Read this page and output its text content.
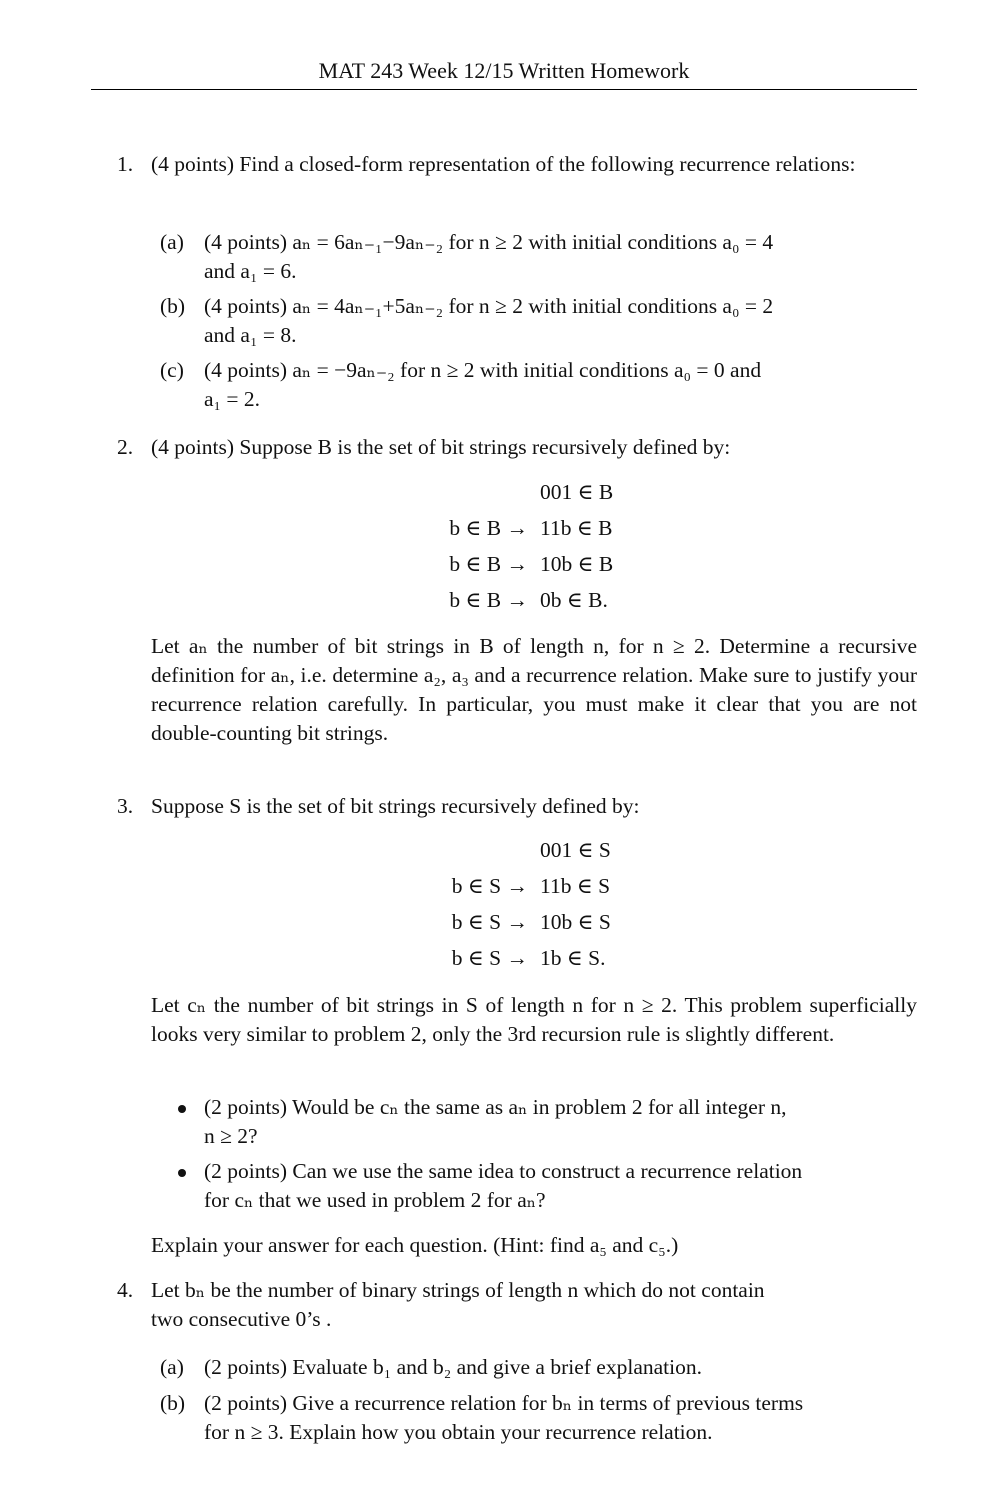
MAT 243 Week 12/15 Written Homework
1. (4 points) Find a closed-form representation of the following recurrence relations:
(a) (4 points) aₙ = 6aₙ₋₁−9aₙ₋₂ for n ≥ 2 with initial conditions a₀ = 4
and a₁ = 6.
(b) (4 points) aₙ = 4aₙ₋₁+5aₙ₋₂ for n ≥ 2 with initial conditions a₀ = 2
and a₁ = 8.
(c) (4 points) aₙ = −9aₙ₋₂ for n ≥ 2 with initial conditions a₀ = 0 and
a₁ = 2.
2. (4 points) Suppose B is the set of bit strings recursively defined by:
001 ∈ B
b ∈ B → 11b ∈ B
b ∈ B → 10b ∈ B
b ∈ B → 0b ∈ B.
Let aₙ the number of bit strings in B of length n, for n ≥ 2. Determine a recursive definition for aₙ, i.e. determine a₂, a₃ and a recurrence relation. Make sure to justify your recurrence relation carefully. In particular, you must make it clear that you are not double-counting bit strings.
3. Suppose S is the set of bit strings recursively defined by:
001 ∈ S
b ∈ S → 11b ∈ S
b ∈ S → 10b ∈ S
b ∈ S → 1b ∈ S.
Let cₙ the number of bit strings in S of length n for n ≥ 2. This problem superficially looks very similar to problem 2, only the 3rd recursion rule is slightly different.
(2 points) Would be cₙ the same as aₙ in problem 2 for all integer n,
n ≥ 2?
(2 points) Can we use the same idea to construct a recurrence relation
for cₙ that we used in problem 2 for aₙ?
Explain your answer for each question. (Hint: find a₅ and c₅.)
4. Let bₙ be the number of binary strings of length n which do not contain
two consecutive 0’s .
(a) (2 points) Evaluate b₁ and b₂ and give a brief explanation.
(b) (2 points) Give a recurrence relation for bₙ in terms of previous terms
for n ≥ 3. Explain how you obtain your recurrence relation.
